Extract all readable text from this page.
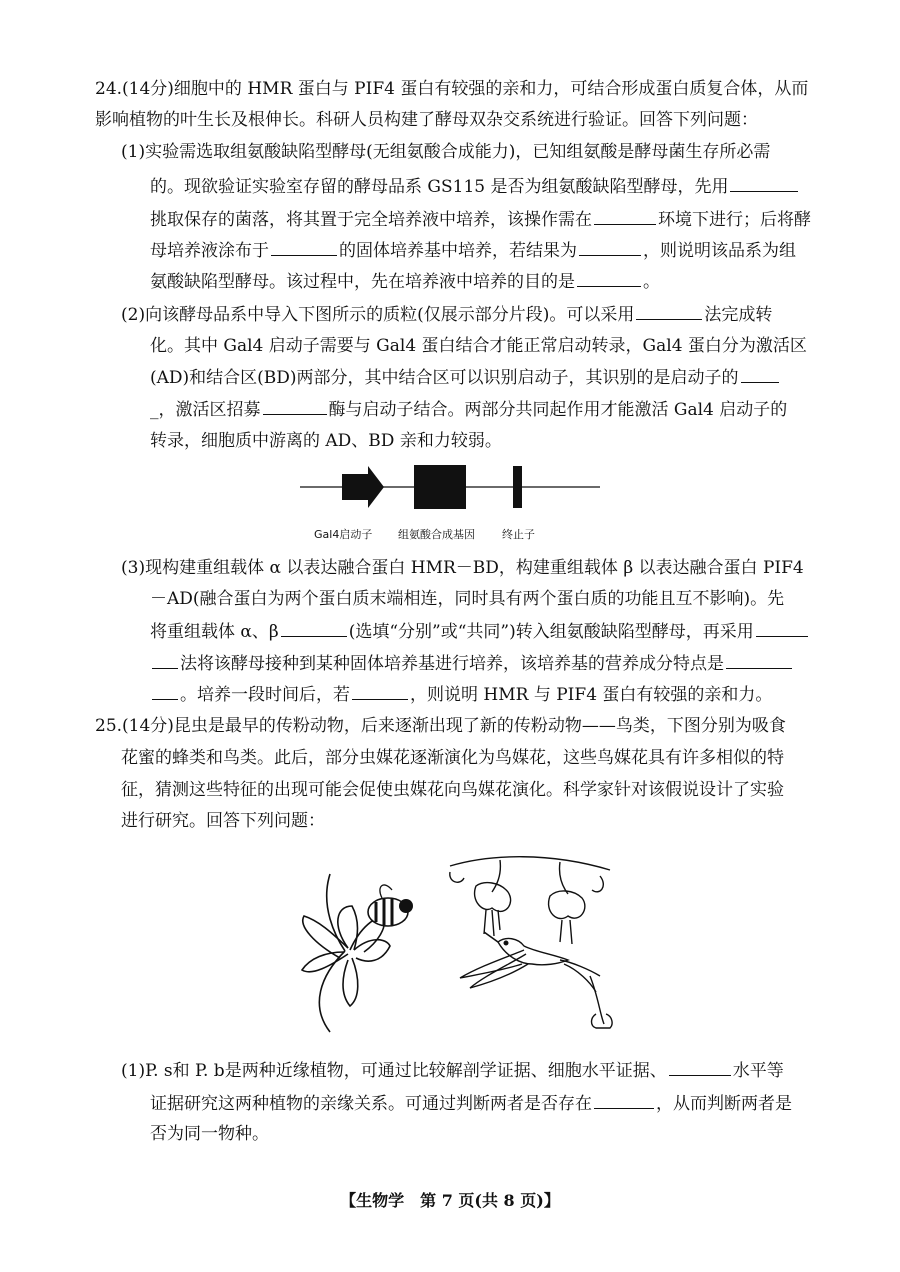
24.(14分)细胞中的 HMR 蛋白与 PIF4 蛋白有较强的亲和力，可结合形成蛋白质复合体，从而
影响植物的叶生长及根伸长。科研人员构建了酵母双杂交系统进行验证。回答下列问题：
(1)实验需选取组氨酸缺陷型酵母(无组氨酸合成能力)，已知组氨酸是酵母菌生存所必需
的。现欲验证实验室存留的酵母品系 GS115 是否为组氨酸缺陷型酵母，先用
挑取保存的菌落，将其置于完全培养液中培养，该操作需在	环境下进行；后将酵
母培养液涂布于	的固体培养基中培养，若结果为	，则说明该品系为组
氨酸缺陷型酵母。该过程中，先在培养液中培养的目的是	。
(2)向该酵母品系中导入下图所示的质粒(仅展示部分片段)。可以采用	法完成转
化。其中 Gal4 启动子需要与 Gal4 蛋白结合才能正常启动转录，Gal4 蛋白分为激活区
(AD)和结合区(BD)两部分，其中结合区可以识别启动子，其识别的是启动子的
_，激活区招募	酶与启动子结合。两部分共同起作用才能激活 Gal4 启动子的
转录，细胞质中游离的 AD、BD 亲和力较弱。
Gal4启动子 组氨酸合成基因 终止子
(3)现构建重组载体 α 以表达融合蛋白 HMR－BD，构建重组载体 β 以表达融合蛋白 PIF4
－AD(融合蛋白为两个蛋白质末端相连，同时具有两个蛋白质的功能且互不影响)。先
将重组载体 α、β	(选填“分别”或“共同”)转入组氨酸缺陷型酵母，再采用
法将该酵母接种到某种固体培养基进行培养，该培养基的营养成分特点是
。培养一段时间后，若	，则说明 HMR 与 PIF4 蛋白有较强的亲和力。
25.(14分)昆虫是最早的传粉动物，后来逐渐出现了新的传粉动物——鸟类，下图分别为吸食
花蜜的蜂类和鸟类。此后，部分虫媒花逐渐演化为鸟媒花，这些鸟媒花具有许多相似的特
征，猜测这些特征的出现可能会促使虫媒花向鸟媒花演化。科学家针对该假说设计了实验
进行研究。回答下列问题：
(1)P. s和 P. b是两种近缘植物，可通过比较解剖学证据、细胞水平证据、	水平等
证据研究这两种植物的亲缘关系。可通过判断两者是否存在	，从而判断两者是
否为同一物种。
【生物学　第 7 页(共 8 页)】
